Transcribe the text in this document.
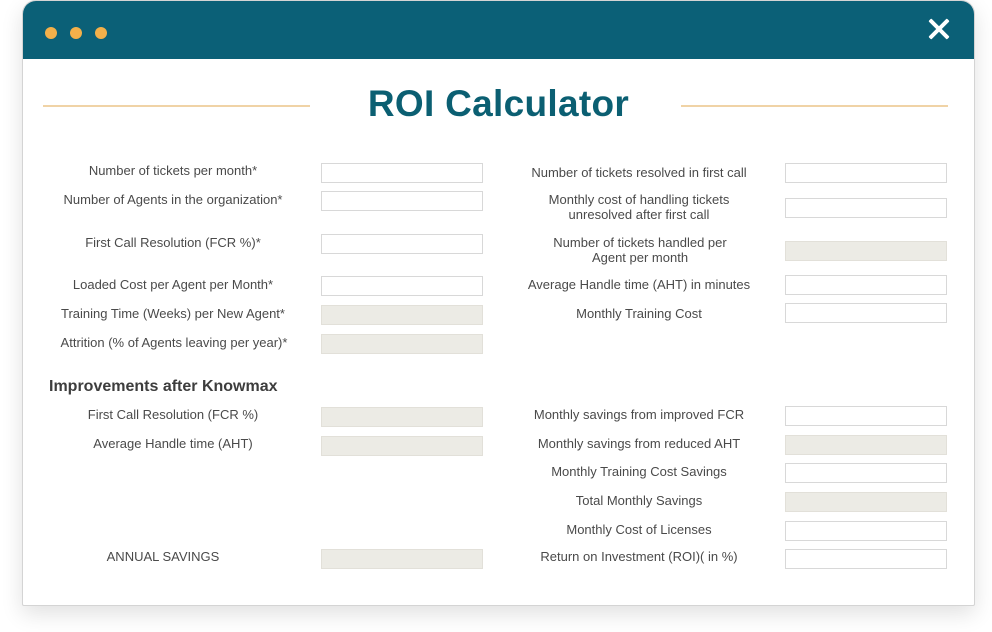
ROI Calculator
Number of tickets per month*
Number of Agents in the organization*
First Call Resolution (FCR %)*
Loaded Cost per Agent per Month*
Training Time (Weeks) per New Agent*
Attrition (% of Agents leaving per year)*
Number of tickets resolved in first call
Monthly cost of handling tickets unresolved after first call
Number of tickets handled per Agent per month
Average Handle time (AHT) in minutes
Monthly Training Cost
Improvements after Knowmax
First Call Resolution (FCR %)
Average Handle time (AHT)
ANNUAL SAVINGS
Monthly savings from improved FCR
Monthly savings from reduced AHT
Monthly Training Cost Savings
Total Monthly Savings
Monthly Cost of Licenses
Return on Investment (ROI)( in %)
